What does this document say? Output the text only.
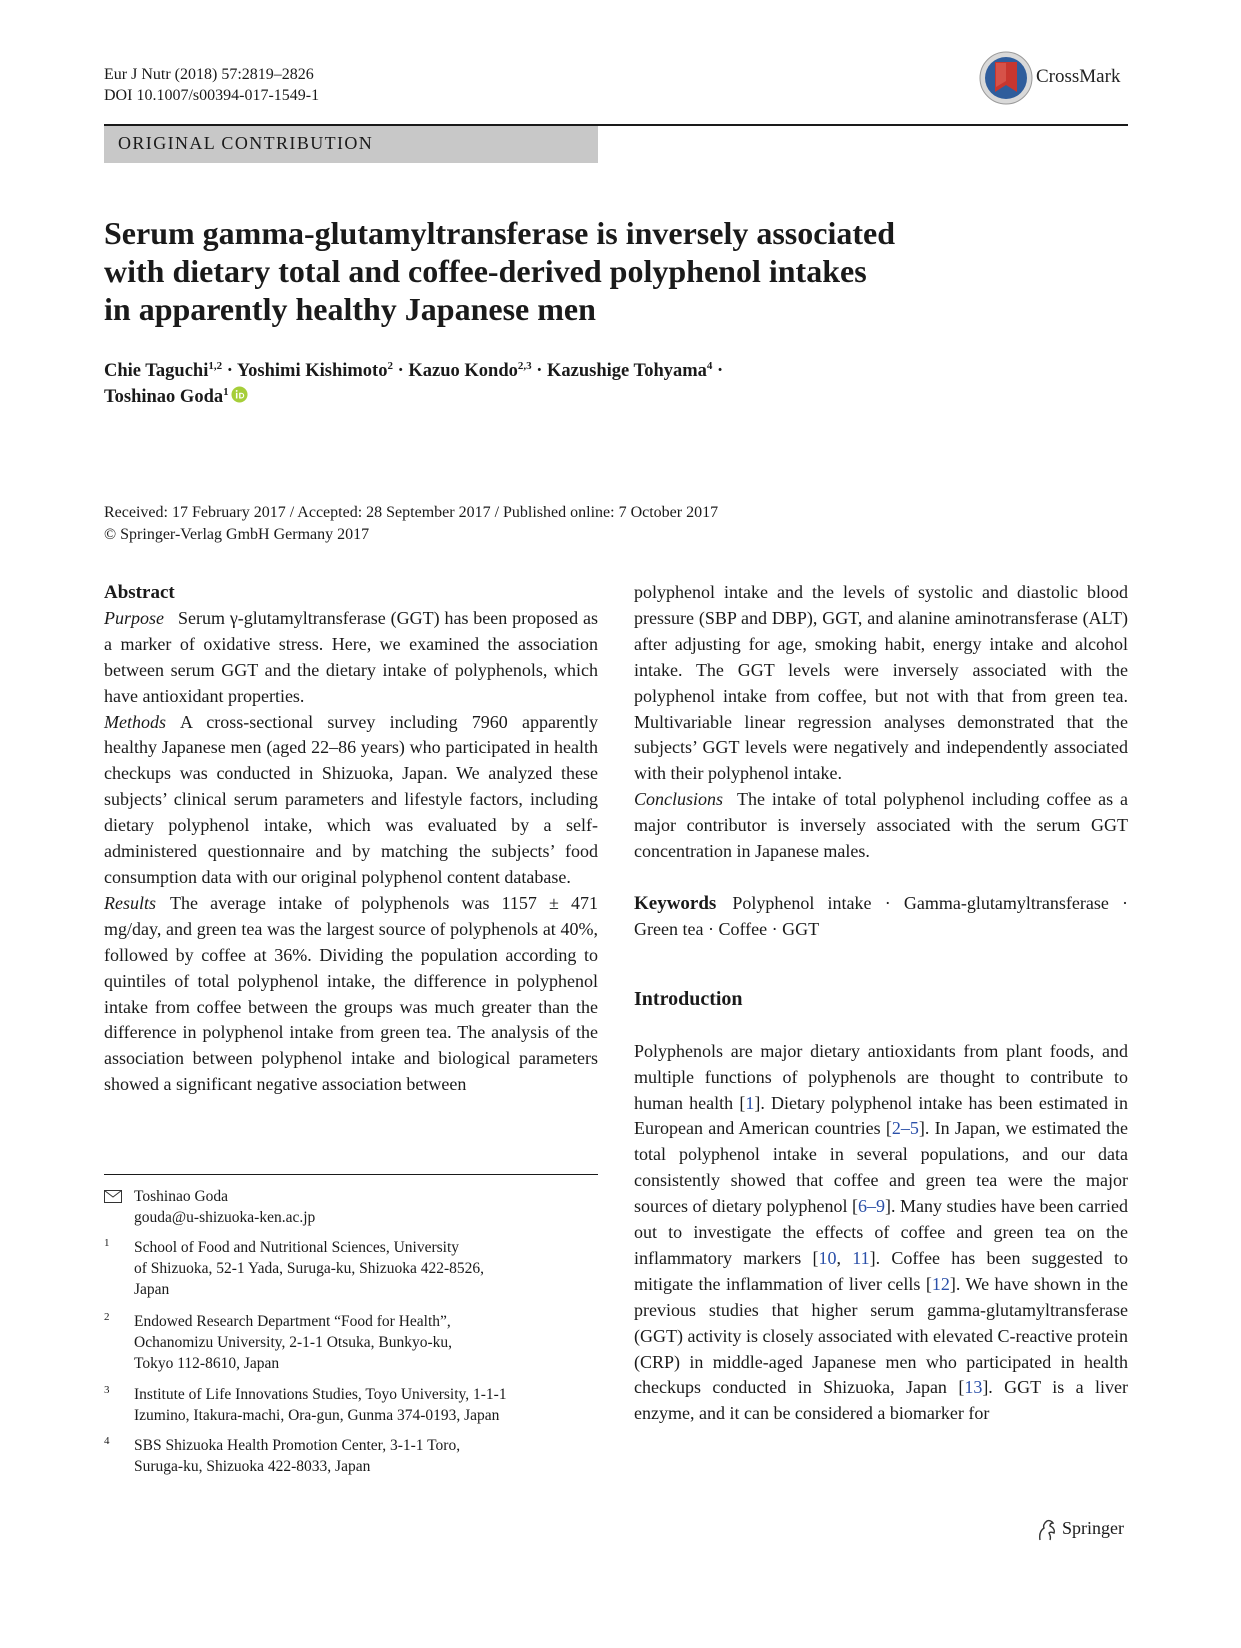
Eur J Nutr (2018) 57:2819–2826
DOI 10.1007/s00394-017-1549-1
CrossMark
ORIGINAL CONTRIBUTION
Serum gamma-glutamyltransferase is inversely associated
with dietary total and coffee-derived polyphenol intakes
in apparently healthy Japanese men
Chie Taguchi$^{1,2}$ · Yoshimi Kishimoto$^2$ · Kazuo Kondo$^{2,3}$ · Kazushige Tohyama$^4$ ·
Toshinao Goda$^1$
Received: 17 February 2017 / Accepted: 28 September 2017 / Published online: 7 October 2017
© Springer-Verlag GmbH Germany 2017
Abstract
Purpose Serum γ-glutamyltransferase (GGT) has been proposed as a marker of oxidative stress. Here, we examined the association between serum GGT and the dietary intake of polyphenols, which have antioxidant properties.
Methods A cross-sectional survey including 7960 apparently healthy Japanese men (aged 22–86 years) who participated in health checkups was conducted in Shizuoka, Japan. We analyzed these subjects’ clinical serum parameters and lifestyle factors, including dietary polyphenol intake, which was evaluated by a self-administered questionnaire and by matching the subjects’ food consumption data with our original polyphenol content database.
Results The average intake of polyphenols was 1157 ± 471 mg/day, and green tea was the largest source of polyphenols at 40%, followed by coffee at 36%. Dividing the population according to quintiles of total polyphenol intake, the difference in polyphenol intake from coffee between the groups was much greater than the difference in polyphenol intake from green tea. The analysis of the association between polyphenol intake and biological parameters showed a significant negative association between
polyphenol intake and the levels of systolic and diastolic blood pressure (SBP and DBP), GGT, and alanine aminotransferase (ALT) after adjusting for age, smoking habit, energy intake and alcohol intake. The GGT levels were inversely associated with the polyphenol intake from coffee, but not with that from green tea. Multivariable linear regression analyses demonstrated that the subjects’ GGT levels were negatively and independently associated with their polyphenol intake.
Conclusions The intake of total polyphenol including coffee as a major contributor is inversely associated with the serum GGT concentration in Japanese males.
Keywords Polyphenol intake · Gamma-glutamyltransferase · Green tea · Coffee · GGT
Introduction
Polyphenols are major dietary antioxidants from plant foods, and multiple functions of polyphenols are thought to contribute to human health [1]. Dietary polyphenol intake has been estimated in European and American countries [2–5]. In Japan, we estimated the total polyphenol intake in several populations, and our data consistently showed that coffee and green tea were the major sources of dietary polyphenol [6–9]. Many studies have been carried out to investigate the effects of coffee and green tea on the inflammatory markers [10, 11]. Coffee has been suggested to mitigate the inflammation of liver cells [12]. We have shown in the previous studies that higher serum gamma-glutamyltransferase (GGT) activity is closely associated with elevated C-reactive protein (CRP) in middle-aged Japanese men who participated in health checkups conducted in Shizuoka, Japan [13]. GGT is a liver enzyme, and it can be considered a biomarker for
Toshinao Goda
gouda@u-shizuoka-ken.ac.jp
1 School of Food and Nutritional Sciences, University
of Shizuoka, 52-1 Yada, Suruga-ku, Shizuoka 422-8526,
Japan
2 Endowed Research Department “Food for Health”,
Ochanomizu University, 2-1-1 Otsuka, Bunkyo-ku,
Tokyo 112-8610, Japan
3 Institute of Life Innovations Studies, Toyo University, 1-1-1
Izumino, Itakura-machi, Ora-gun, Gunma 374-0193, Japan
4 SBS Shizuoka Health Promotion Center, 3-1-1 Toro,
Suruga-ku, Shizuoka 422-8033, Japan
Springer
